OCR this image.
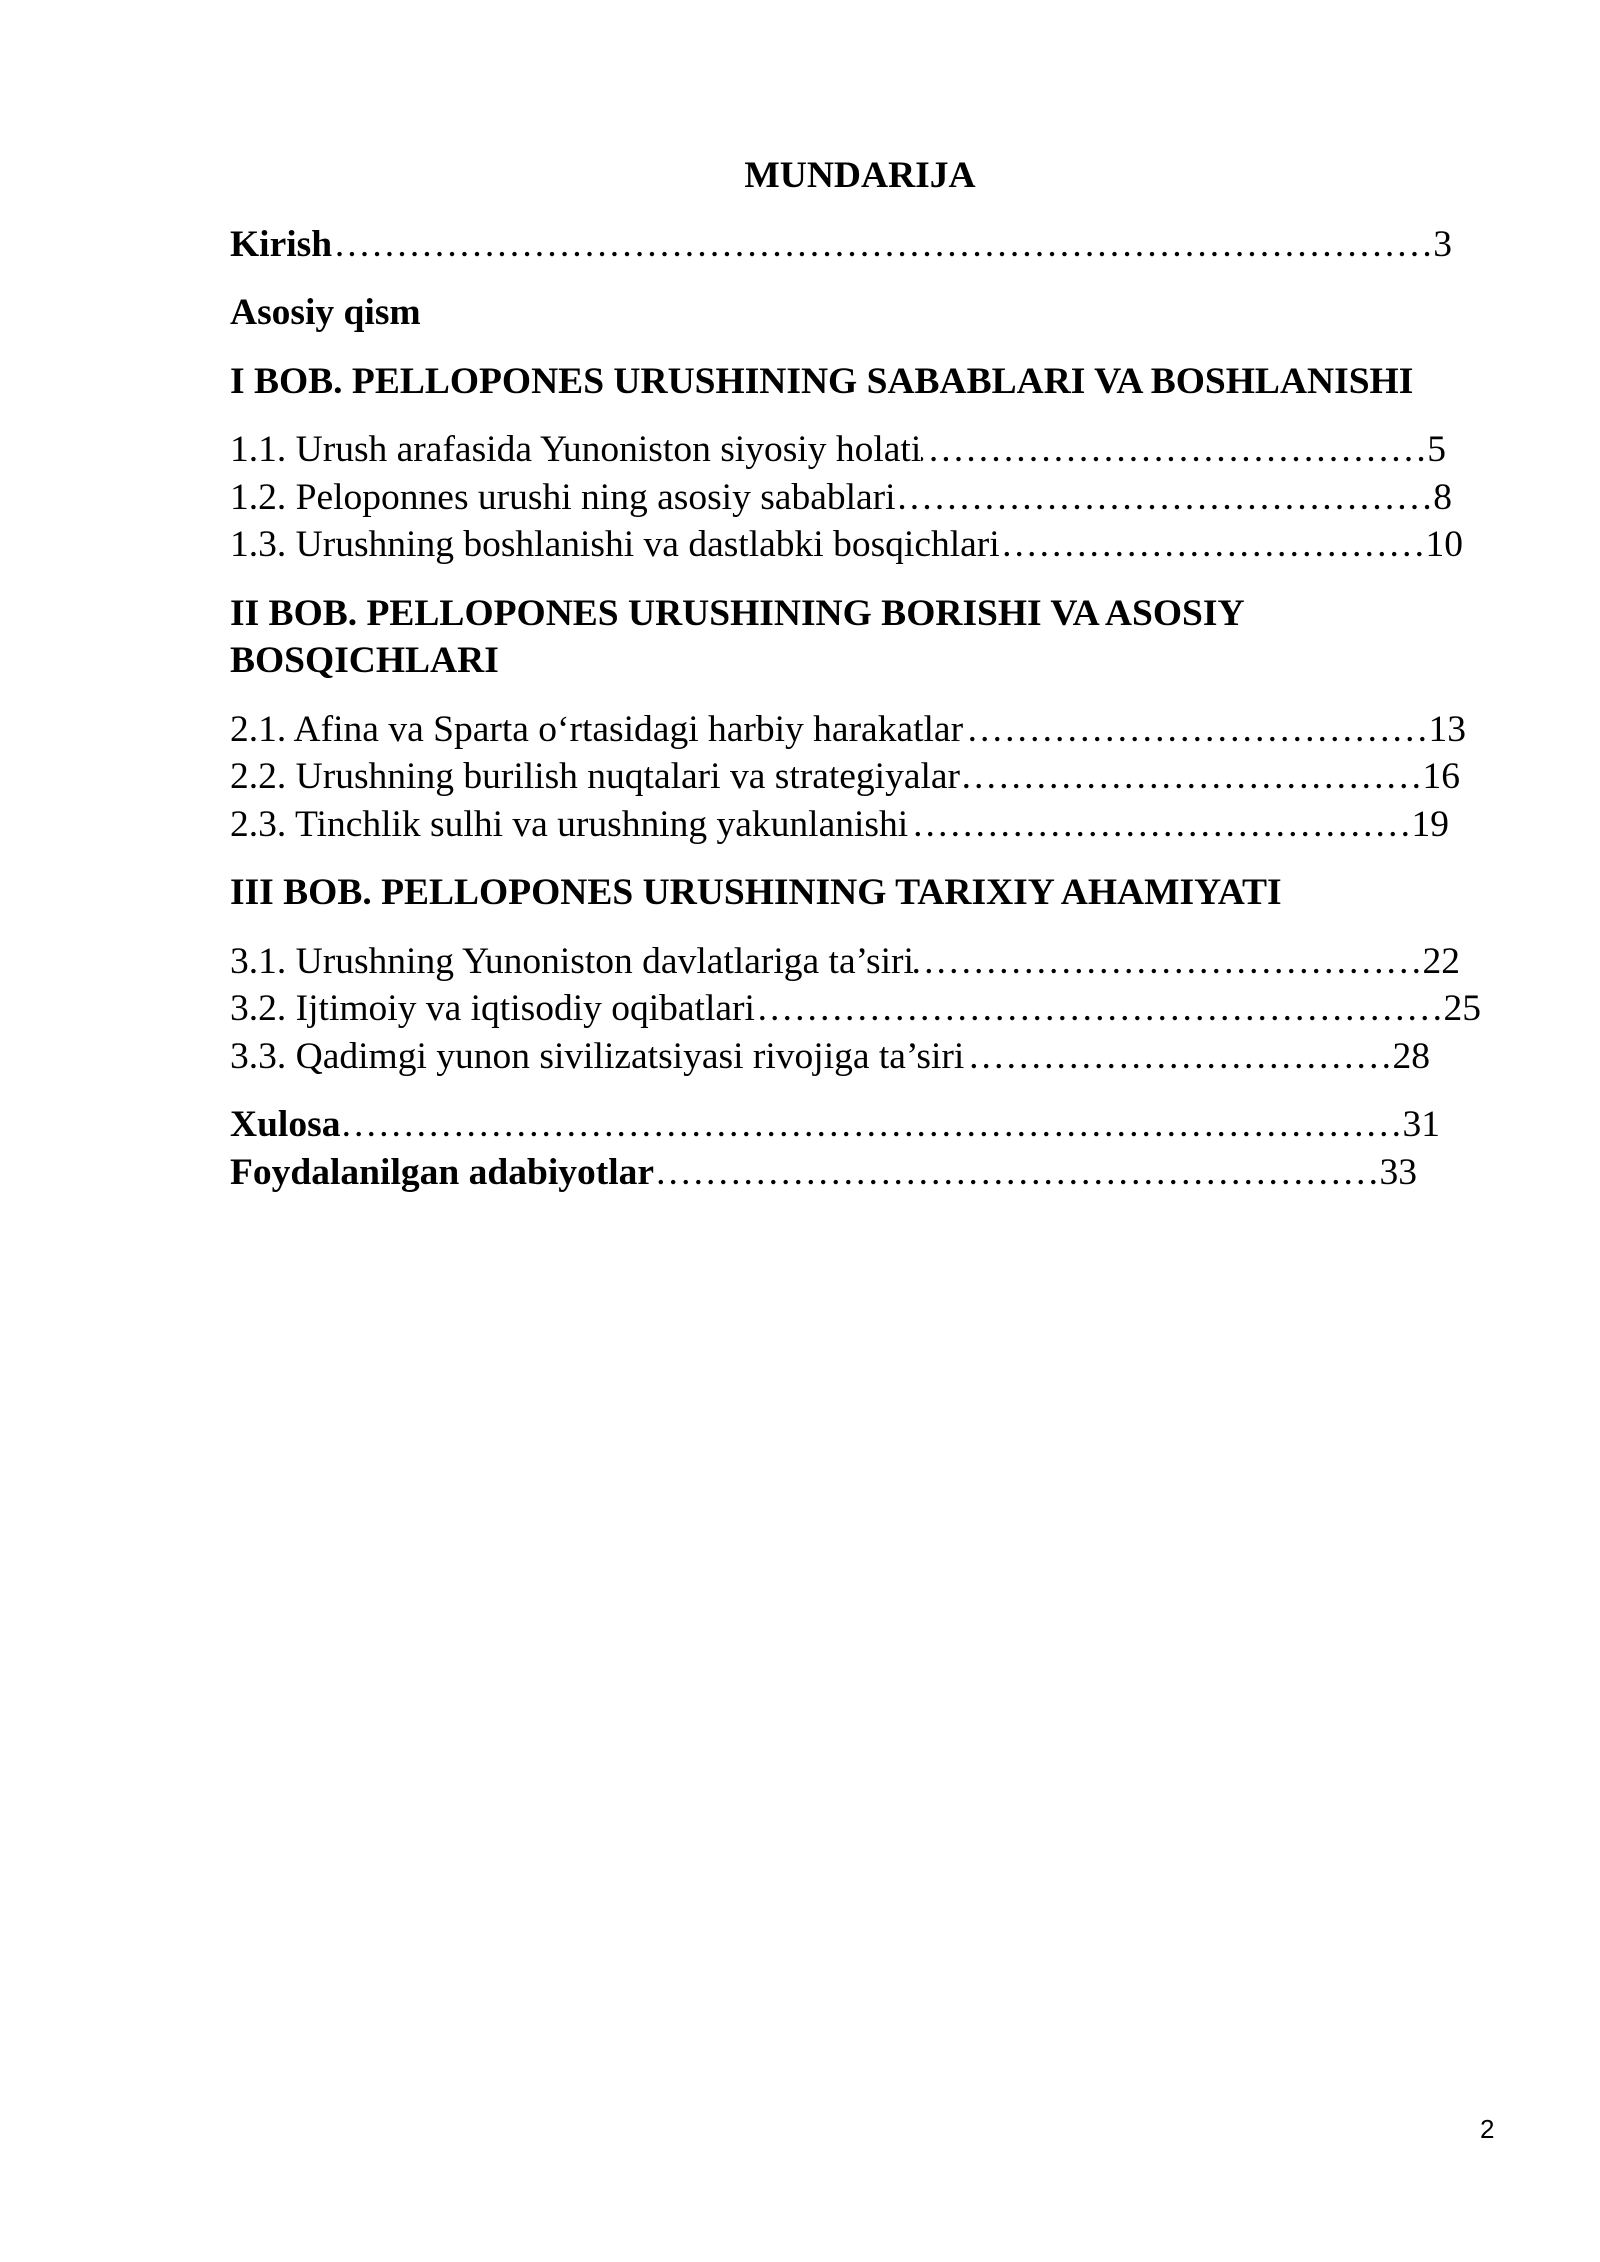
MUNDARIJA
Kirish ………………………………………………………………………………………………………………………	3
Asosiy qism
I BOB. PELLOPONES URUSHINING SABABLARI VA BOSHLANISHI
1.1. Urush arafasida Yunoniston siyosiy holati ………………………………………………………………………………………………………………………	5
1.2. Peloponnes urushi ning asosiy sabablari ………………………………………………………………………………………………………………………	8
1.3. Urushning boshlanishi va dastlabki bosqichlari ………………………………………………………………………………………………………………………	10
II BOB. PELLOPONES URUSHINING BORISHI VA ASOSIY BOSQICHLARI
2.1. Afina va Sparta o‘rtasidagi harbiy harakatlar ………………………………………………………………………………………………………………………	13
2.2. Urushning burilish nuqtalari va strategiyalar ………………………………………………………………………………………………………………………	16
2.3. Tinchlik sulhi va urushning yakunlanishi ………………………………………………………………………………………………………………………	19
III BOB. PELLOPONES URUSHINING TARIXIY AHAMIYATI
3.1. Urushning Yunoniston davlatlariga ta’siri ………………………………………………………………………………………………………………………	22
3.2. Ijtimoiy va iqtisodiy oqibatlari ………………………………………………………………………………………………………………………	25
3.3. Qadimgi yunon sivilizatsiyasi rivojiga ta’siri ………………………………………………………………………………………………………………………	28
Xulosa ………………………………………………………………………………………………………………………	31
Foydalanilgan adabiyotlar ………………………………………………………………………………………………………………………	33
2
